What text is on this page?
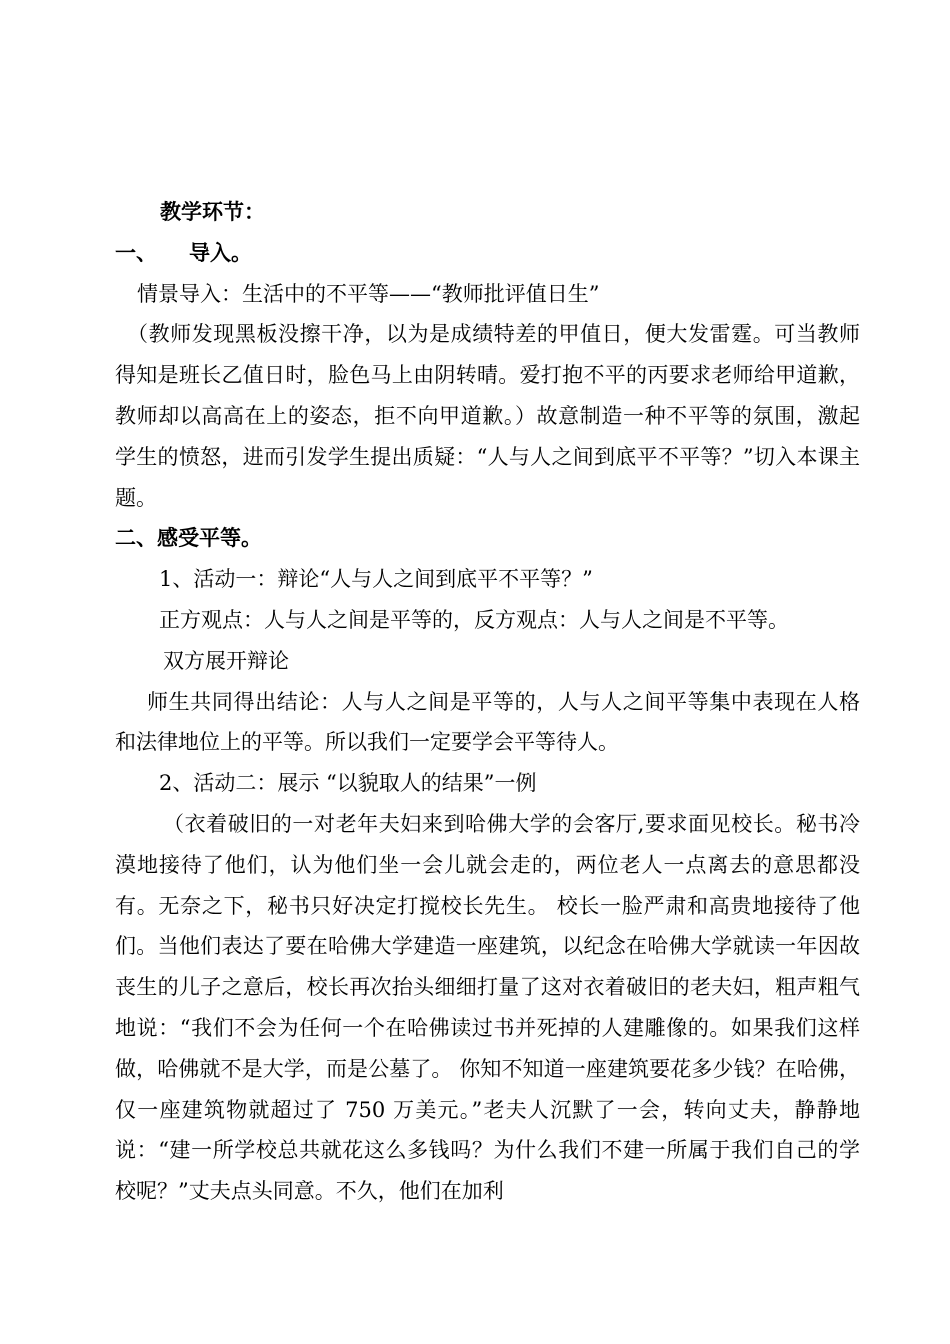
教学环节：
一、 导入。
情景导入：生活中的不平等——“教师批评值日生”
（教师发现黑板没擦干净，以为是成绩特差的甲值日，便大发雷霆。可当教师得知是班长乙值日时，脸色马上由阴转晴。爱打抱不平的丙要求老师给甲道歉，教师却以高高在上的姿态，拒不向甲道歉。）故意制造一种不平等的氛围，激起学生的愤怒，进而引发学生提出质疑：“人与人之间到底平不平等？”切入本课主题。
二、感受平等。
1、活动一：辩论“人与人之间到底平不平等？”
正方观点：人与人之间是平等的，反方观点：人与人之间是不平等。
双方展开辩论
师生共同得出结论：人与人之间是平等的，人与人之间平等集中表现在人格和法律地位上的平等。所以我们一定要学会平等待人。
2、活动二：展示 “以貌取人的结果”一例
（衣着破旧的一对老年夫妇来到哈佛大学的会客厅,要求面见校长。秘书冷漠地接待了他们，认为他们坐一会儿就会走的，两位老人一点离去的意思都没有。无奈之下，秘书只好决定打搅校长先生。 校长一脸严肃和高贵地接待了他们。当他们表达了要在哈佛大学建造一座建筑，以纪念在哈佛大学就读一年因故丧生的儿子之意后，校长再次抬头细细打量了这对衣着破旧的老夫妇，粗声粗气地说：“我们不会为任何一个在哈佛读过书并死掉的人建雕像的。如果我们这样做，哈佛就不是大学，而是公墓了。 你知不知道一座建筑要花多少钱？在哈佛，仅一座建筑物就超过了 750 万美元。”老夫人沉默了一会，转向丈夫，静静地说：“建一所学校总共就花这么多钱吗？为什么我们不建一所属于我们自己的学校呢？”丈夫点头同意。不久，他们在加利
